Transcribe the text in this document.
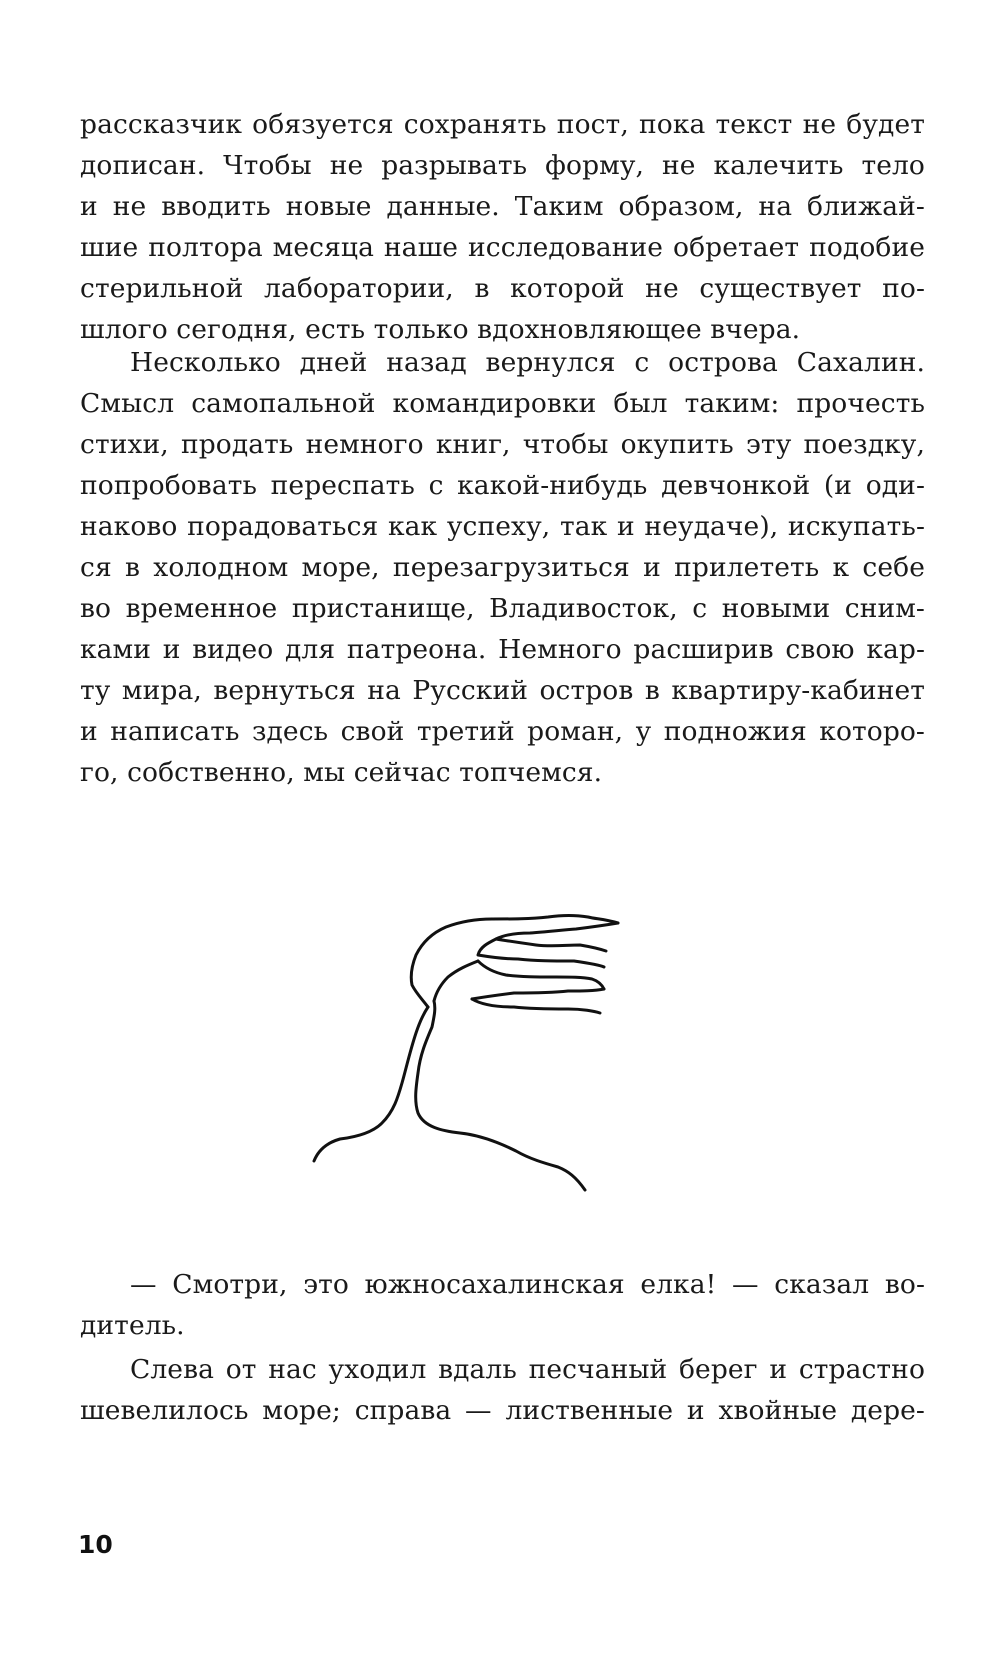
рассказчик обязуется сохранять пост, пока текст не будет
дописан. Чтобы не разрывать форму, не калечить тело
и не вводить новые данные. Таким образом, на ближай-
шие полтора месяца наше исследование обретает подобие
стерильной лаборатории, в которой не существует по-
шлого сегодня, есть только вдохновляющее вчера.
Несколько дней назад вернулся с острова Сахалин.
Смысл самопальной командировки был таким: прочесть
стихи, продать немного книг, чтобы окупить эту поездку,
попробовать переспать с какой-нибудь девчонкой (и оди-
наково порадоваться как успеху, так и неудаче), искупать-
ся в холодном море, перезагрузиться и прилететь к себе
во временное пристанище, Владивосток, с новыми сним-
ками и видео для патреона. Немного расширив свою кар-
ту мира, вернуться на Русский остров в квартиру-кабинет
и написать здесь свой третий роман, у подножия которо-
го, собственно, мы сейчас топчемся.
— Смотри, это южносахалинская елка! — сказал во-
дитель.
Слева от нас уходил вдаль песчаный берег и страстно
шевелилось море; справа — лиственные и хвойные дере-
10
